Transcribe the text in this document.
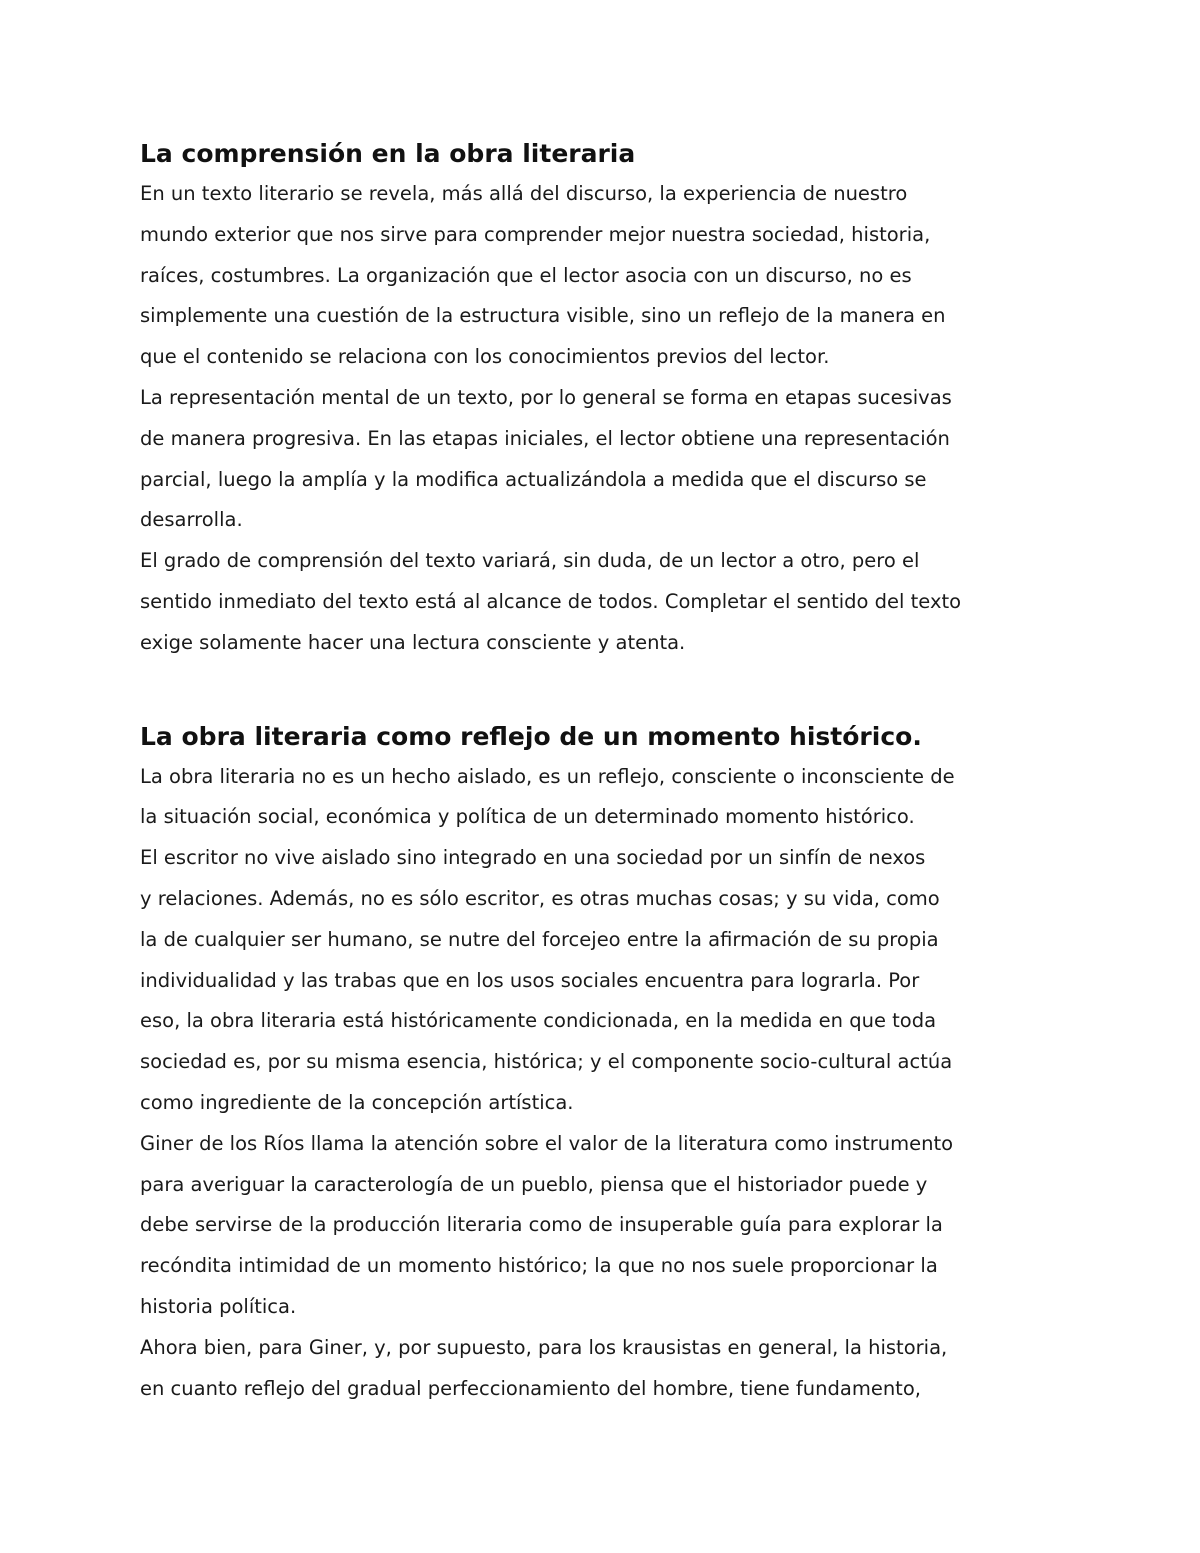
La comprensión en la obra literaria

En un texto literario se revela, más allá del discurso, la experiencia de nuestro
mundo exterior que nos sirve para comprender mejor nuestra sociedad, historia,
raíces, costumbres. La organización que el lector asocia con un discurso, no es
simplemente una cuestión de la estructura visible, sino un reflejo de la manera en
que el contenido se relaciona con los conocimientos previos del lector.

La representación mental de un texto, por lo general se forma en etapas sucesivas
de manera progresiva. En las etapas iniciales, el lector obtiene una representación
parcial, luego la amplía y la modifica actualizándola a medida que el discurso se
desarrolla.

El grado de comprensión del texto variará, sin duda, de un lector a otro, pero el
sentido inmediato del texto está al alcance de todos. Completar el sentido del texto
exige solamente hacer una lectura consciente y atenta.

La obra literaria como reflejo de un momento histórico.

La obra literaria no es un hecho aislado, es un reflejo, consciente o inconsciente de
la situación social, económica y política de un determinado momento histórico.

El escritor no vive aislado sino integrado en una sociedad por un sinfín de nexos
y relaciones. Además, no es sólo escritor, es otras muchas cosas; y su vida, como
la de cualquier ser humano, se nutre del forcejeo entre la afirmación de su propia
individualidad y las trabas que en los usos sociales encuentra para lograrla. Por
eso, la obra literaria está históricamente condicionada, en la medida en que toda
sociedad es, por su misma esencia, histórica; y el componente socio-cultural actúa
como ingrediente de la concepción artística.

Giner de los Ríos llama la atención sobre el valor de la literatura como instrumento
para averiguar la caracterología de un pueblo, piensa que el historiador puede y
debe servirse de la producción literaria como de insuperable guía para explorar la
recóndita intimidad de un momento histórico; la que no nos suele proporcionar la
historia política.

Ahora bien, para Giner, y, por supuesto, para los krausistas en general, la historia,
en cuanto reflejo del gradual perfeccionamiento del hombre, tiene fundamento,
